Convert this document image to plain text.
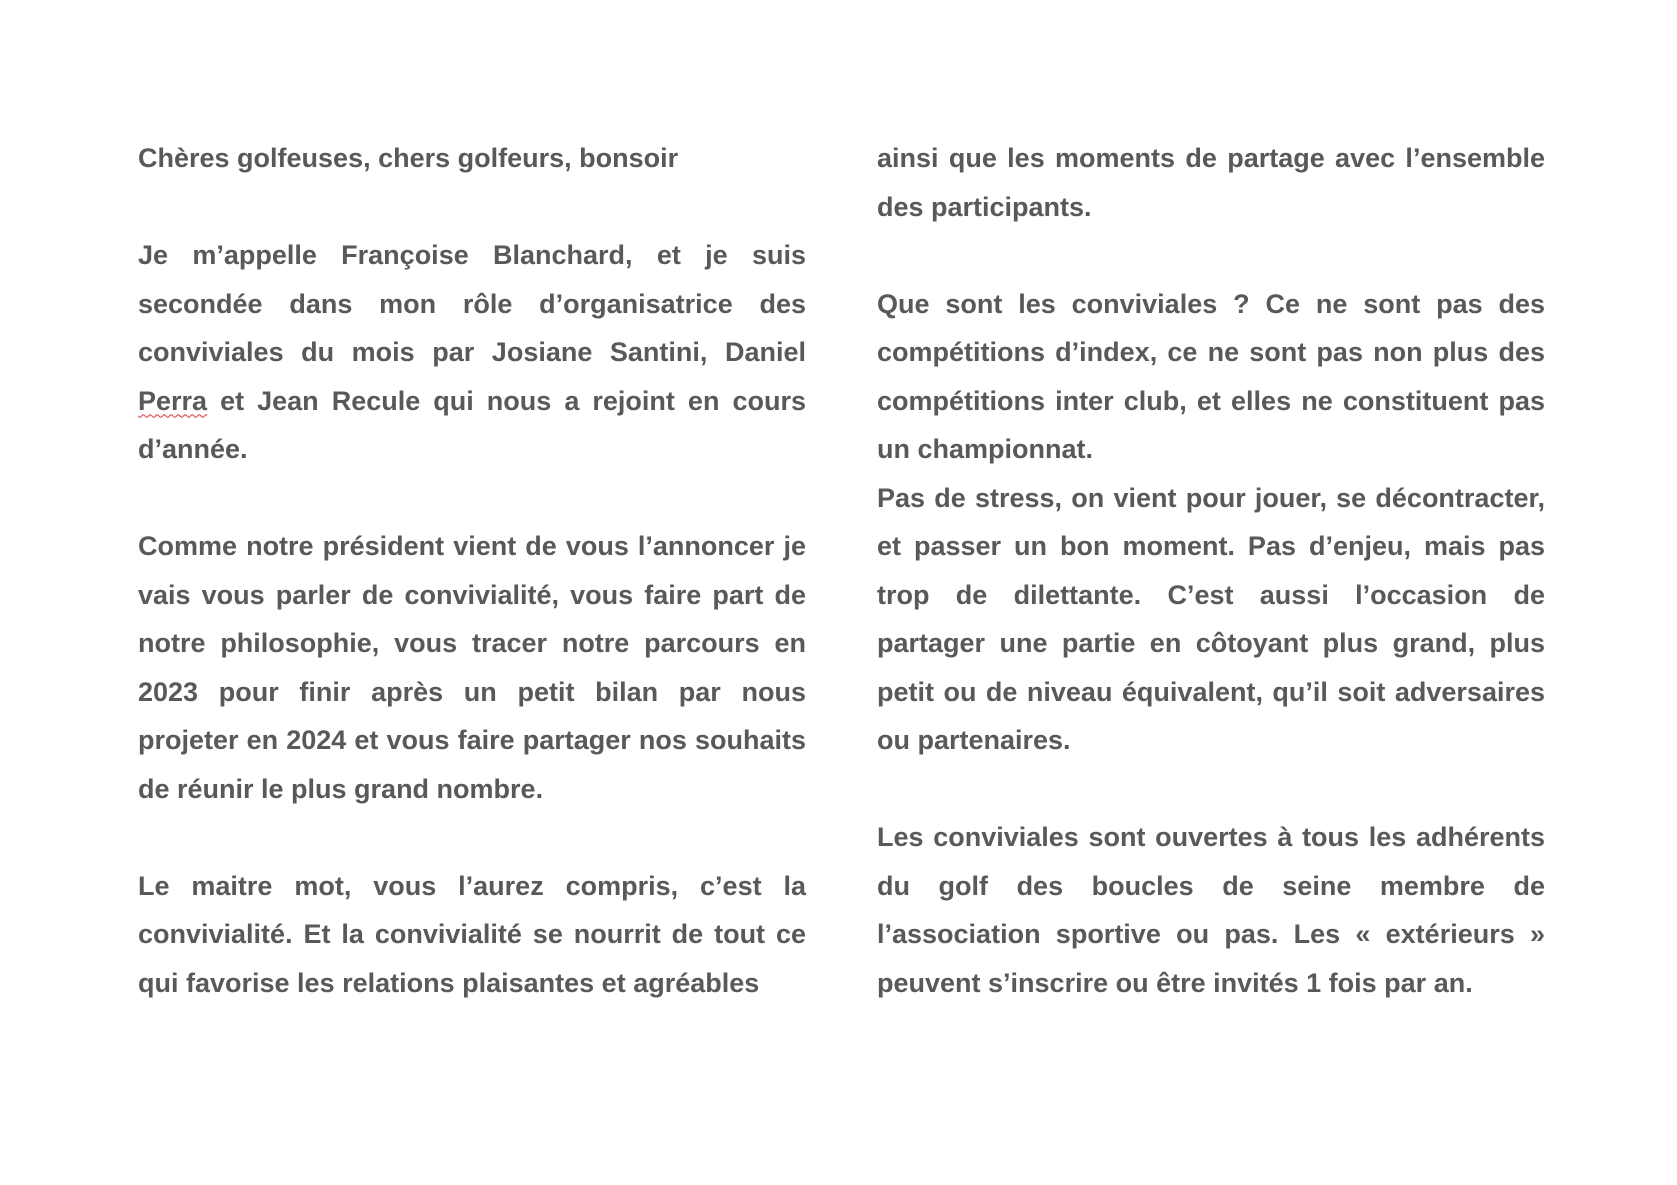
Chères golfeuses, chers golfeurs, bonsoir

Je m’appelle Françoise Blanchard, et je suis secondée dans mon rôle d’organisatrice des conviviales du mois par Josiane Santini, Daniel Perra et Jean Recule qui nous a rejoint en cours d’année.

Comme notre président vient de vous l’annoncer je vais vous parler de convivialité, vous faire part de notre philosophie, vous tracer notre parcours en 2023 pour finir après un petit bilan par nous projeter en 2024 et vous faire partager nos souhaits de réunir le plus grand nombre.

Le maitre mot, vous l’aurez compris, c’est la convivialité. Et la convivialité se nourrit de tout ce qui favorise les relations plaisantes et agréables

ainsi que les moments de partage avec l’ensemble des participants.

Que sont les conviviales ? Ce ne sont pas des compétitions d’index, ce ne sont pas non plus des compétitions inter club, et elles ne constituent pas un championnat.

Pas de stress, on vient pour jouer, se décontracter, et passer un bon moment. Pas d’enjeu, mais pas trop de dilettante. C’est aussi l’occasion de partager une partie en côtoyant plus grand, plus petit ou de niveau équivalent, qu’il soit adversaires ou partenaires.

Les conviviales sont ouvertes à tous les adhérents du golf des boucles de seine membre de l’association sportive ou pas. Les « extérieurs » peuvent s’inscrire ou être invités 1 fois par an.
